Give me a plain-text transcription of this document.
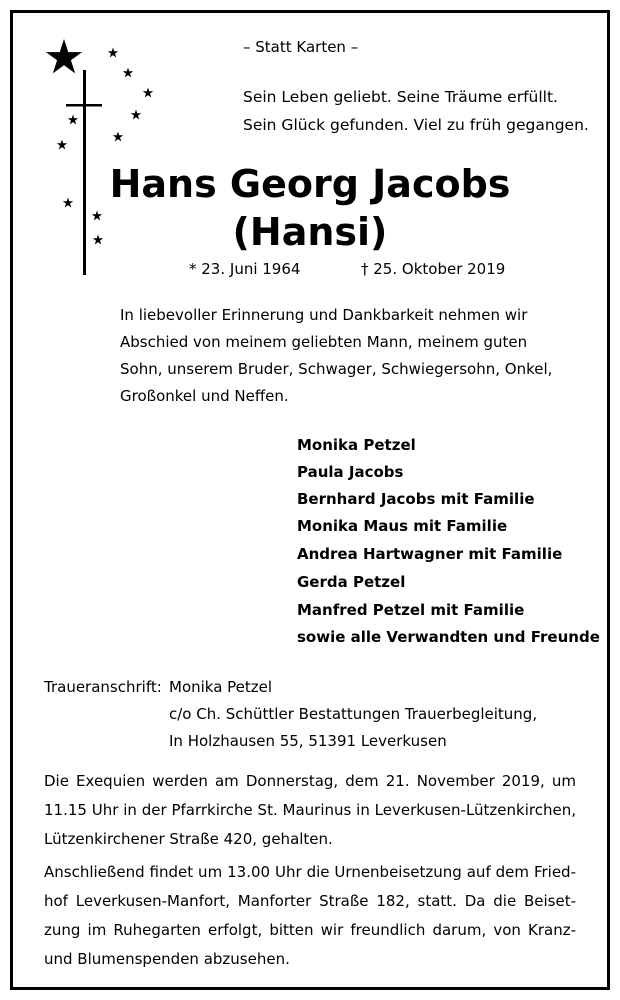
– Statt Karten –
Sein Leben geliebt. Seine Träume erfüllt.
Sein Glück gefunden. Viel zu früh gegangen.
Hans Georg Jacobs
(Hansi)
* 23. Juni 1964	† 25. Oktober 2019
In liebevoller Erinnerung und Dankbarkeit nehmen wir
Abschied von meinem geliebten Mann, meinem guten
Sohn, unserem Bruder, Schwager, Schwiegersohn, Onkel,
Großonkel und Neffen.
Monika Petzel
Paula Jacobs
Bernhard Jacobs mit Familie
Monika Maus mit Familie
Andrea Hartwagner mit Familie
Gerda Petzel
Manfred Petzel mit Familie
sowie alle Verwandten und Freunde
Traueranschrift: Monika Petzel
c/o Ch. Schüttler Bestattungen Trauerbegleitung,
In Holzhausen 55, 51391 Leverkusen
Die Exequien werden am Donnerstag, dem 21. November 2019, um
11.15 Uhr in der Pfarrkirche St. Maurinus in Leverkusen-Lützenkirchen,
Lützenkirchener Straße 420, gehalten.
Anschließend findet um 13.00 Uhr die Urnenbeisetzung auf dem Fried-
hof Leverkusen-Manfort, Manforter Straße 182, statt. Da die Beiset-
zung im Ruhegarten erfolgt, bitten wir freundlich darum, von Kranz-
und Blumenspenden abzusehen.
